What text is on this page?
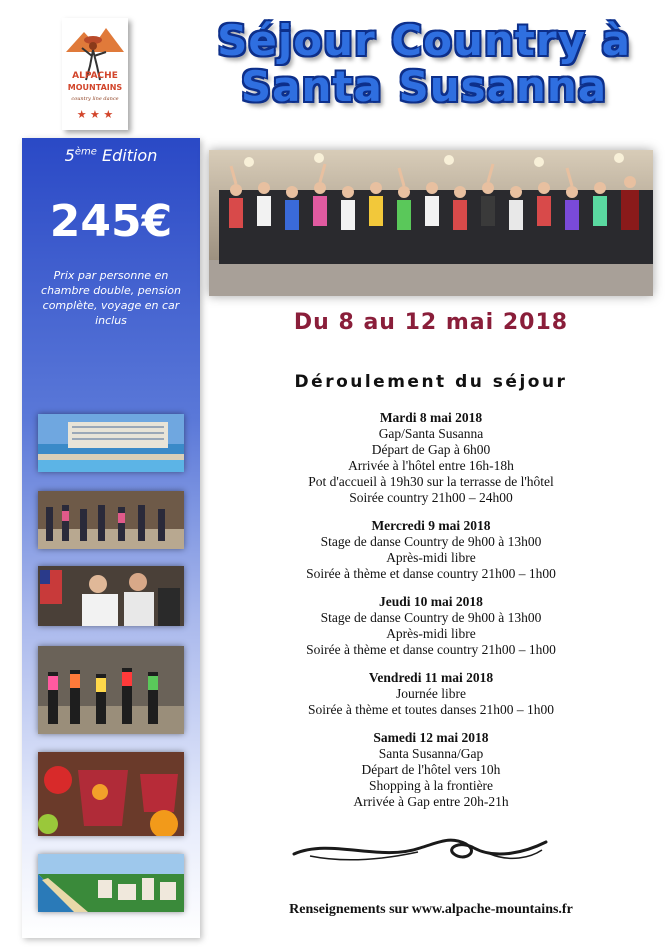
ALPACHE
MOUNTAINS
country line dance
★ ★ ★
Séjour Country à
Santa Susanna
5ème Edition
245€
Prix par personne en chambre double, pension complète, voyage en car inclus	Du 8 au 12 mai 2018
Déroulement du séjour
Mardi 8 mai 2018
Gap/Santa Susanna
Départ de Gap à 6h00
Arrivée à l'hôtel entre 16h-18h
Pot d'accueil à 19h30 sur la terrasse de l'hôtel
Soirée country 21h00 – 24h00
Mercredi 9 mai 2018
Stage de danse Country de 9h00 à 13h00
Après-midi libre
Soirée à thème et danse country 21h00 – 1h00
Jeudi 10 mai 2018
Stage de danse Country de 9h00 à 13h00
Après-midi libre
Soirée à thème et danse country 21h00 – 1h00
Vendredi 11 mai 2018
Journée libre
Soirée à thème et toutes danses 21h00 – 1h00
Samedi 12 mai 2018
Santa Susanna/Gap
Départ de l'hôtel vers 10h
Shopping à la frontière
Arrivée à Gap entre 20h-21h
Renseignements sur www.alpache-mountains.fr
